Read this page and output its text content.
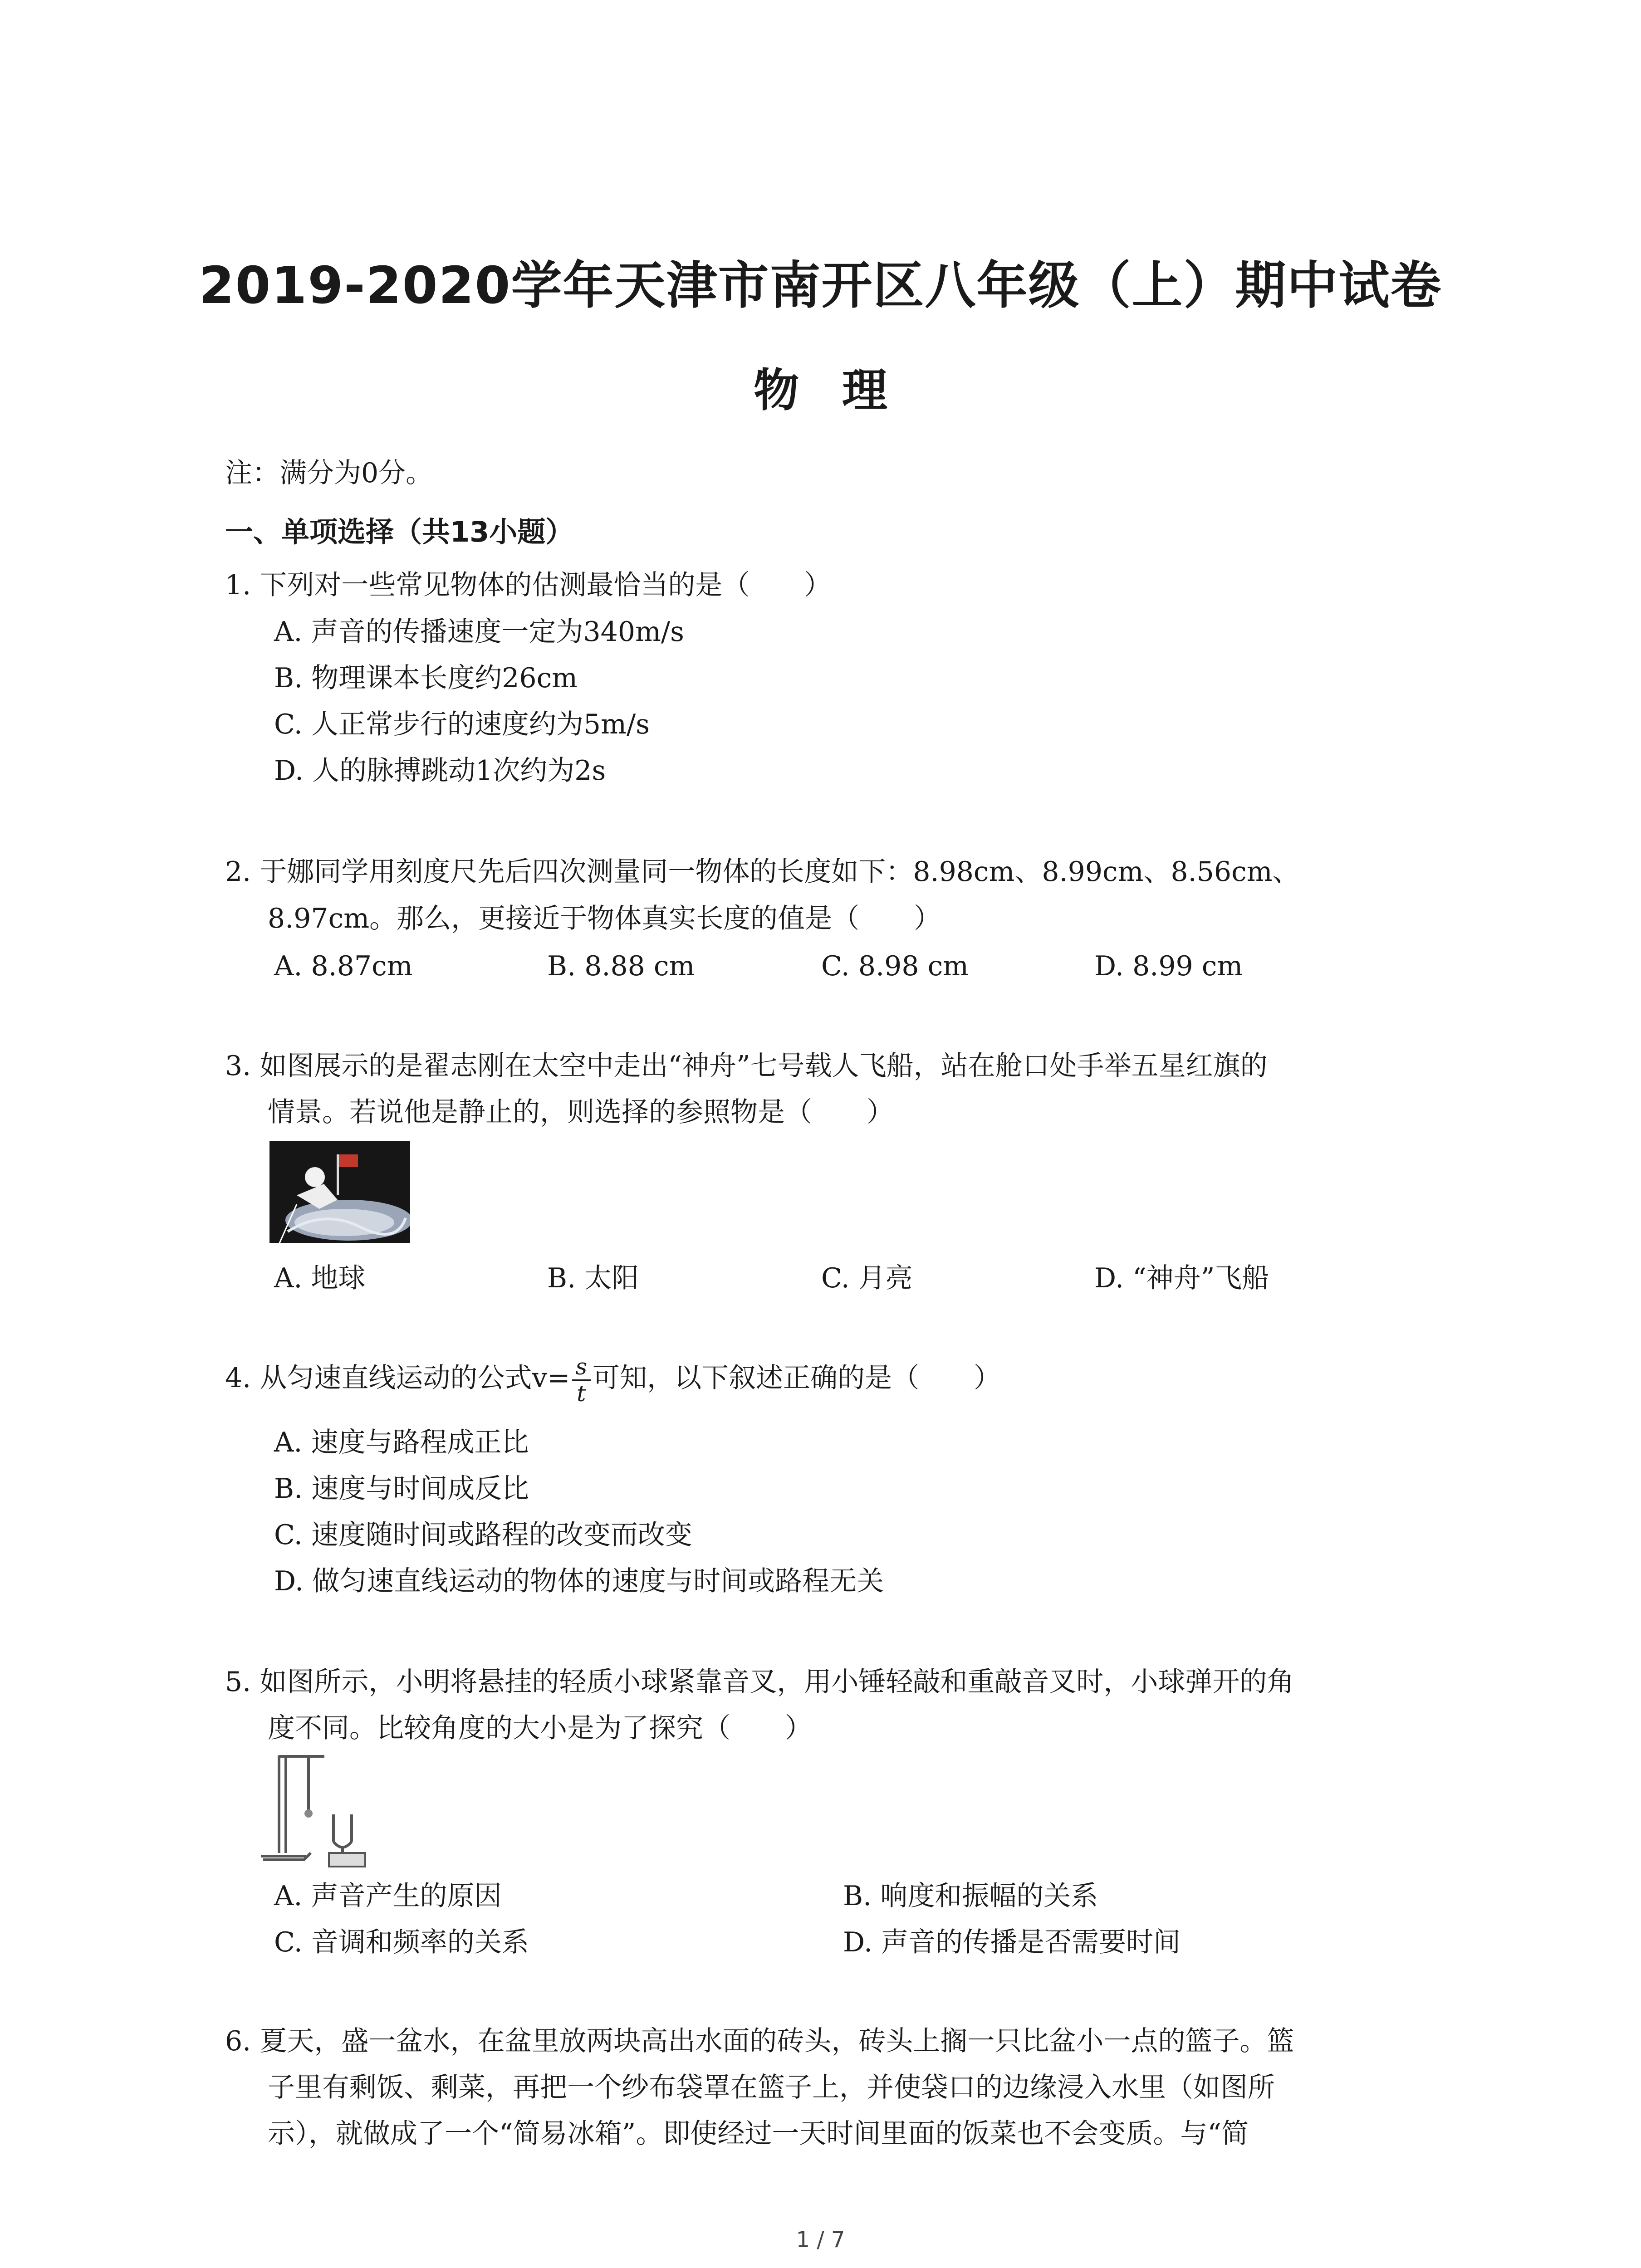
2019-2020学年天津市南开区八年级（上）期中试卷
物 理
注：满分为0分。
一、单项选择（共13小题）
1. 下列对一些常见物体的估测最恰当的是（　　）
A. 声音的传播速度一定为340m/s
B. 物理课本长度约26cm
C. 人正常步行的速度约为5m/s
D. 人的脉搏跳动1次约为2s
2. 于娜同学用刻度尺先后四次测量同一物体的长度如下：8.98cm、8.99cm、8.56cm、
8.97cm。那么，更接近于物体真实长度的值是（　　）
A. 8.87cm	B. 8.88 cm	C. 8.98 cm	D. 8.99 cm
3. 如图展示的是翟志刚在太空中走出“神舟”七号载人飞船，站在舱口处手举五星红旗的
情景。若说他是静止的，则选择的参照物是（　　）
A. 地球	B. 太阳	C. 月亮	D. “神舟”飞船
4. 从匀速直线运动的公式$v= \frac{s}{t}$ 可知，以下叙述正确的是（　　）
A. 速度与路程成正比
B. 速度与时间成反比
C. 速度随时间或路程的改变而改变
D. 做匀速直线运动的物体的速度与时间或路程无关
5. 如图所示，小明将悬挂的轻质小球紧靠音叉，用小锤轻敲和重敲音叉时，小球弹开的角
度不同。比较角度的大小是为了探究（　　）
A. 声音产生的原因	B. 响度和振幅的关系
C. 音调和频率的关系	D. 声音的传播是否需要时间
6. 夏天，盛一盆水，在盆里放两块高出水面的砖头，砖头上搁一只比盆小一点的篮子。篮
子里有剩饭、剩菜，再把一个纱布袋罩在篮子上，并使袋口的边缘浸入水里（如图所
示），就做成了一个“简易冰箱”。即使经过一天时间里面的饭菜也不会变质。与“简
1 / 7
